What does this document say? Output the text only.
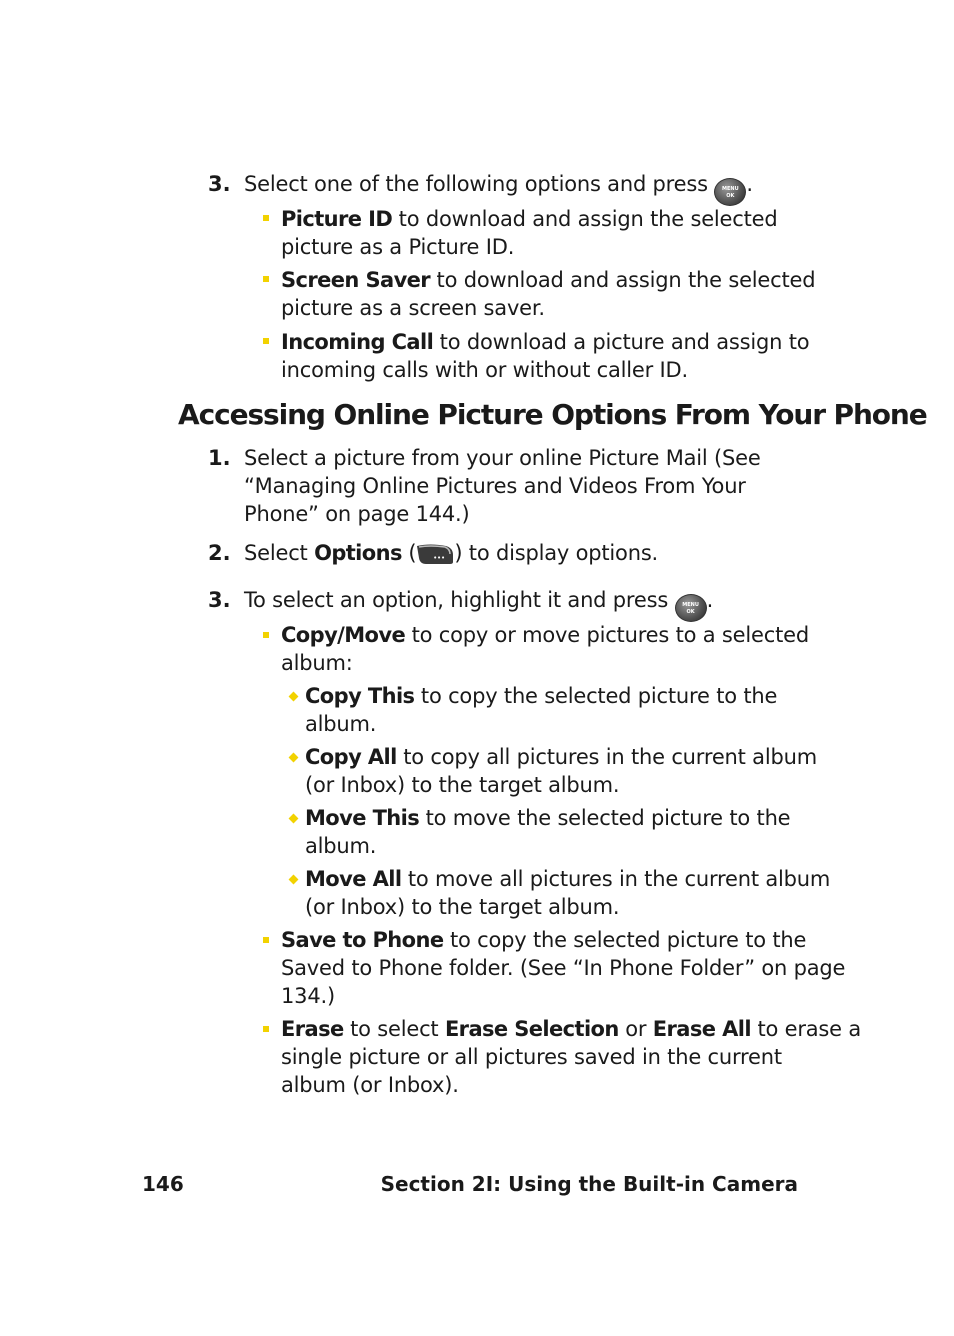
3. Select one of the following options and press	MENU
OK .
Picture ID to download and assign the selected
picture as a Picture ID.
Screen Saver to download and assign the selected
picture as a screen saver.
Incoming Call to download a picture and assign to
incoming calls with or without caller ID.
Accessing Online Picture Options From Your Phone
1. Select a picture from your online Picture Mail (See
“Managing Online Pictures and Videos From Your
Phone” on page 144.)
2. Select Options ( ••• ) to display options.
3. To select an option, highlight it and press	MENU
OK .
Copy/Move to copy or move pictures to a selected
album:
Copy This to copy the selected picture to the
album.
Copy All to copy all pictures in the current album
(or Inbox) to the target album.
Move This to move the selected picture to the
album.
Move All to move all pictures in the current album
(or Inbox) to the target album.
Save to Phone to copy the selected picture to the
Saved to Phone folder. (See “In Phone Folder” on page
134.)
Erase to select Erase Selection or Erase All to erase a
single picture or all pictures saved in the current
album (or Inbox).
146	Section 2I: Using the Built-in Camera
